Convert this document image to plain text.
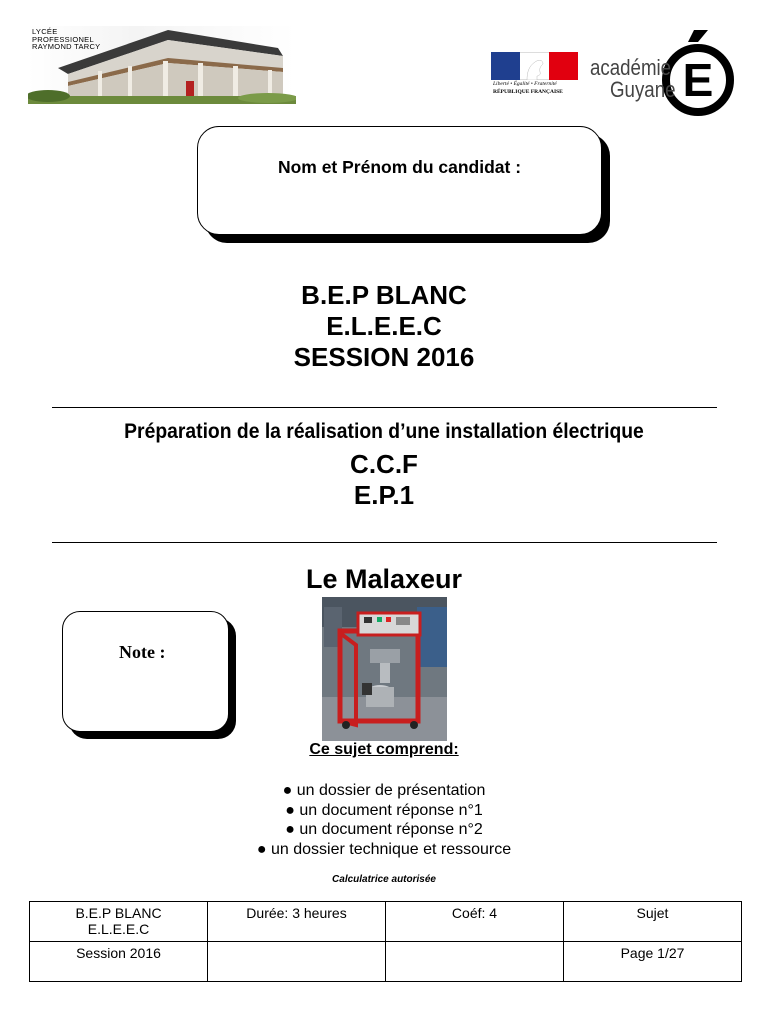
LYCÉE
PROFESSIONEL
RAYMOND TARCY
Liberté • Égalité • Fraternité
RÉPUBLIQUE FRANÇAISE	E
académie
Guyane
Nom et Prénom du candidat :
B.E.P BLANC
E.L.E.E.C
SESSION 2016
Préparation de la réalisation d’une installation électrique
C.C.F
E.P.1
Le Malaxeur
Note :
Ce sujet comprend:
● un dossier de présentation
● un document réponse n°1
● un document réponse n°2
● un dossier technique et ressource
Calculatrice autorisée
B.E.P BLANC
E.L.E.E.C	Durée: 3 heures	Coéf: 4	Sujet
Session 2016			Page 1/27
